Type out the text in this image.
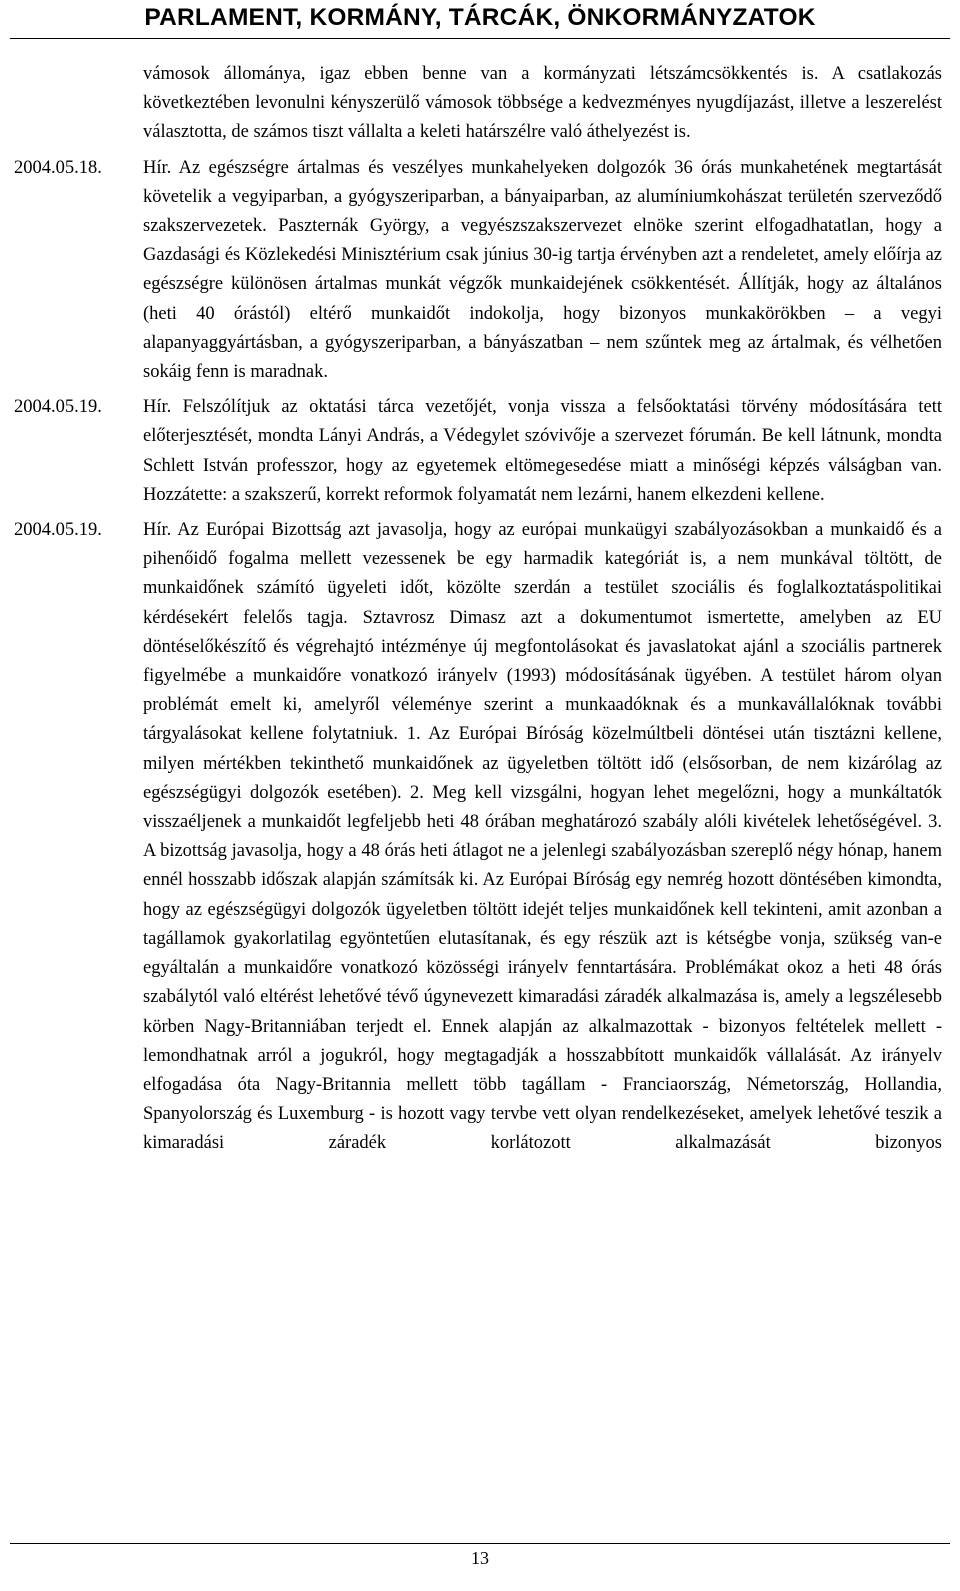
PARLAMENT, KORMÁNY, TÁRCÁK, ÖNKORMÁNYZATOK
vámosok állománya, igaz ebben benne van a kormányzati létszámcsökkentés is. A csatlakozás következtében levonulni kényszerülő vámosok többsége a kedvezményes nyugdíjazást, illetve a leszerelést választotta, de számos tiszt vállalta a keleti határszélre való áthelyezést is.
2004.05.18.	Hír. Az egészségre ártalmas és veszélyes munkahelyeken dolgozók 36 órás munkahetének megtartását követelik a vegyiparban, a gyógyszeriparban, a bányaiparban, az alumíniumkohászat területén szerveződő szakszervezetek. Paszternák György, a vegyészszakszervezet elnöke szerint elfogadhatatlan, hogy a Gazdasági és Közlekedési Minisztérium csak június 30-ig tartja érvényben azt a rendeletet, amely előírja az egészségre különösen ártalmas munkát végzők munkaidejének csökkentését. Állítják, hogy az általános (heti 40 órástól) eltérő munkaidőt indokolja, hogy bizonyos munkakörökben – a vegyi alapanyaggyártásban, a gyógyszeriparban, a bányászatban – nem szűntek meg az ártalmak, és vélhetően sokáig fenn is maradnak.
2004.05.19.	Hír. Felszólítjuk az oktatási tárca vezetőjét, vonja vissza a felsőoktatási törvény módosítására tett előterjesztését, mondta Lányi András, a Védegylet szóvivője a szervezet fórumán. Be kell látnunk, mondta Schlett István professzor, hogy az egyetemek eltömegesedése miatt a minőségi képzés válságban van. Hozzátette: a szakszerű, korrekt reformok folyamatát nem lezárni, hanem elkezdeni kellene.
2004.05.19.	Hír. Az Európai Bizottság azt javasolja, hogy az európai munkaügyi szabályozásokban a munkaidő és a pihenőidő fogalma mellett vezessenek be egy harmadik kategóriát is, a nem munkával töltött, de munkaidőnek számító ügyeleti időt, közölte szerdán a testület szociális és foglalkoztatáspolitikai kérdésekért felelős tagja. Sztavrosz Dimasz azt a dokumentumot ismertette, amelyben az EU döntéselőkészítő és végrehajtó intézménye új megfontolásokat és javaslatokat ajánl a szociális partnerek figyelmébe a munkaidőre vonatkozó irányelv (1993) módosításának ügyében. A testület három olyan problémát emelt ki, amelyről véleménye szerint a munkaadóknak és a munkavállalóknak további tárgyalásokat kellene folytatniuk. 1. Az Európai Bíróság közelmúltbeli döntései után tisztázni kellene, milyen mértékben tekinthető munkaidőnek az ügyeletben töltött idő (elsősorban, de nem kizárólag az egészségügyi dolgozók esetében). 2. Meg kell vizsgálni, hogyan lehet megelőzni, hogy a munkáltatók visszaéljenek a munkaidőt legfeljebb heti 48 órában meghatározó szabály alóli kivételek lehetőségével. 3. A bizottság javasolja, hogy a 48 órás heti átlagot ne a jelenlegi szabályozásban szereplő négy hónap, hanem ennél hosszabb időszak alapján számítsák ki. Az Európai Bíróság egy nemrég hozott döntésében kimondta, hogy az egészségügyi dolgozók ügyeletben töltött idejét teljes munkaidőnek kell tekinteni, amit azonban a tagállamok gyakorlatilag egyöntetűen elutasítanak, és egy részük azt is kétségbe vonja, szükség van-e egyáltalán a munkaidőre vonatkozó közösségi irányelv fenntartására. Problémákat okoz a heti 48 órás szabálytól való eltérést lehetővé tévő úgynevezett kimaradási záradék alkalmazása is, amely a legszélesebb körben Nagy-Britanniában terjedt el. Ennek alapján az alkalmazottak - bizonyos feltételek mellett - lemondhatnak arról a jogukról, hogy megtagadják a hosszabbított munkaidők vállalását. Az irányelv elfogadása óta Nagy-Britannia mellett több tagállam - Franciaország, Németország, Hollandia, Spanyolország és Luxemburg - is hozott vagy tervbe vett olyan rendelkezéseket, amelyek lehetővé teszik a kimaradási záradék korlátozott alkalmazását bizonyos
13
